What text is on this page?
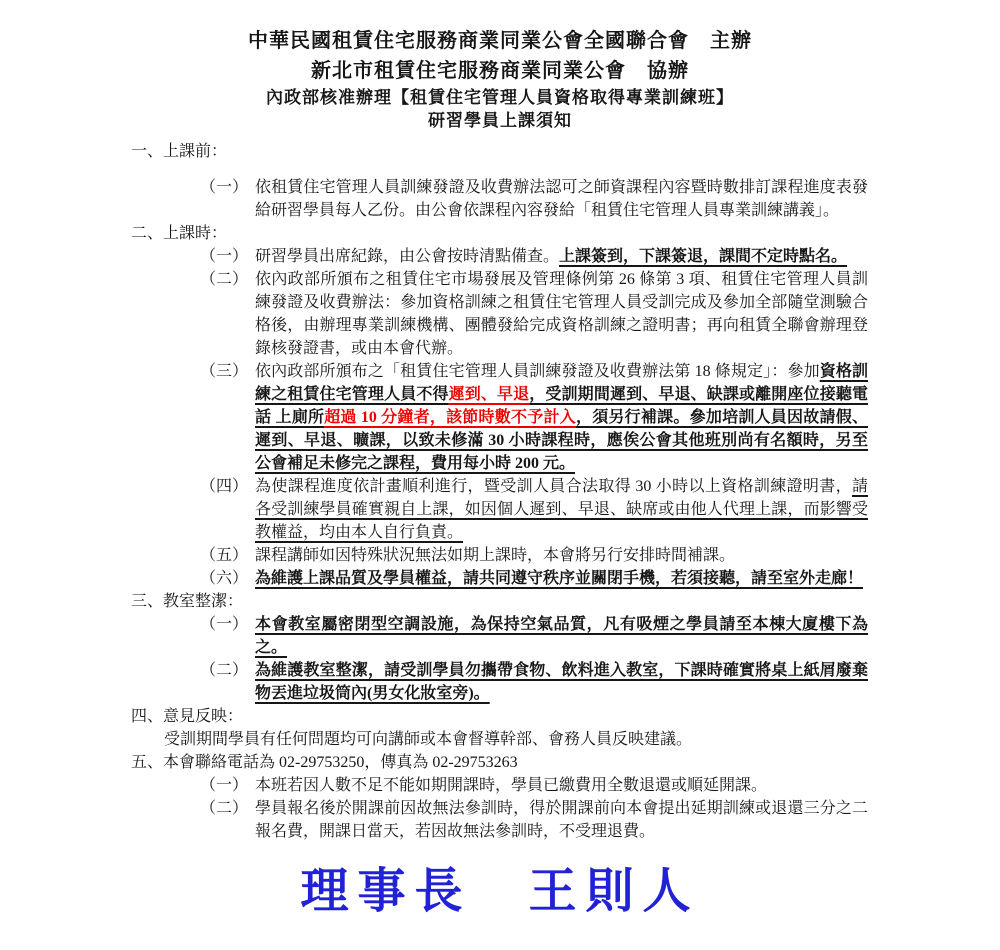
中華民國租賃住宅服務商業同業公會全國聯合會　主辦
新北市租賃住宅服務商業同業公會　協辦
內政部核准辦理【租賃住宅管理人員資格取得專業訓練班】
研習學員上課須知
一、上課前：
（一） 依租賃住宅管理人員訓練發證及收費辦法認可之師資課程內容暨時數排訂課程進度表發給研習學員每人乙份。由公會依課程內容發給「租賃住宅管理人員專業訓練講義」。
二、上課時：
（一） 研習學員出席紀錄，由公會按時清點備查。上課簽到，下課簽退，課間不定時點名。
（二） 依內政部所頒布之租賃住宅市場發展及管理條例第 26 條第 3 項、租賃住宅管理人員訓練發證及收費辦法：參加資格訓練之租賃住宅管理人員受訓完成及參加全部隨堂測驗合格後，由辦理專業訓練機構、團體發給完成資格訓練之證明書；再向租賃全聯會辦理登錄核發證書，或由本會代辦。
（三） 依內政部所頒布之「租賃住宅管理人員訓練發證及收費辦法第 18 條規定」：參加資格訓練之租賃住宅管理人員不得遲到、早退，受訓期間遲到、早退、缺課或離開座位接聽電話 上廁所超過 10 分鐘者，該節時數不予計入，須另行補課。參加培訓人員因故請假、遲到、早退、曠課，以致未修滿 30 小時課程時，應俟公會其他班別尚有名額時，另至公會補足未修完之課程，費用每小時 200 元。
（四） 為使課程進度依計畫順利進行，暨受訓人員合法取得 30 小時以上資格訓練證明書，請各受訓練學員確實親自上課，如因個人遲到、早退、缺席或由他人代理上課，而影響受教權益，均由本人自行負責。
（五） 課程講師如因特殊狀況無法如期上課時，本會將另行安排時間補課。
（六） 為維護上課品質及學員權益，請共同遵守秩序並關閉手機，若須接聽，請至室外走廊！
三、教室整潔：
（一） 本會教室屬密閉型空調設施，為保持空氣品質，凡有吸煙之學員請至本棟大廈樓下為之。
（二） 為維護教室整潔，請受訓學員勿攜帶食物、飲料進入教室，下課時確實將桌上紙屑廢棄物丟進垃圾筒內(男女化妝室旁)。
四、意見反映：
受訓期間學員有任何問題均可向講師或本會督導幹部、會務人員反映建議。
五、本會聯絡電話為 02-29753250，傳真為 02-29753263
（一） 本班若因人數不足不能如期開課時，學員已繳費用全數退還或順延開課。
（二） 學員報名後於開課前因故無法參訓時，得於開課前向本會提出延期訓練或退還三分之二報名費，開課日當天，若因故無法參訓時，不受理退費。
理事長　王則人
